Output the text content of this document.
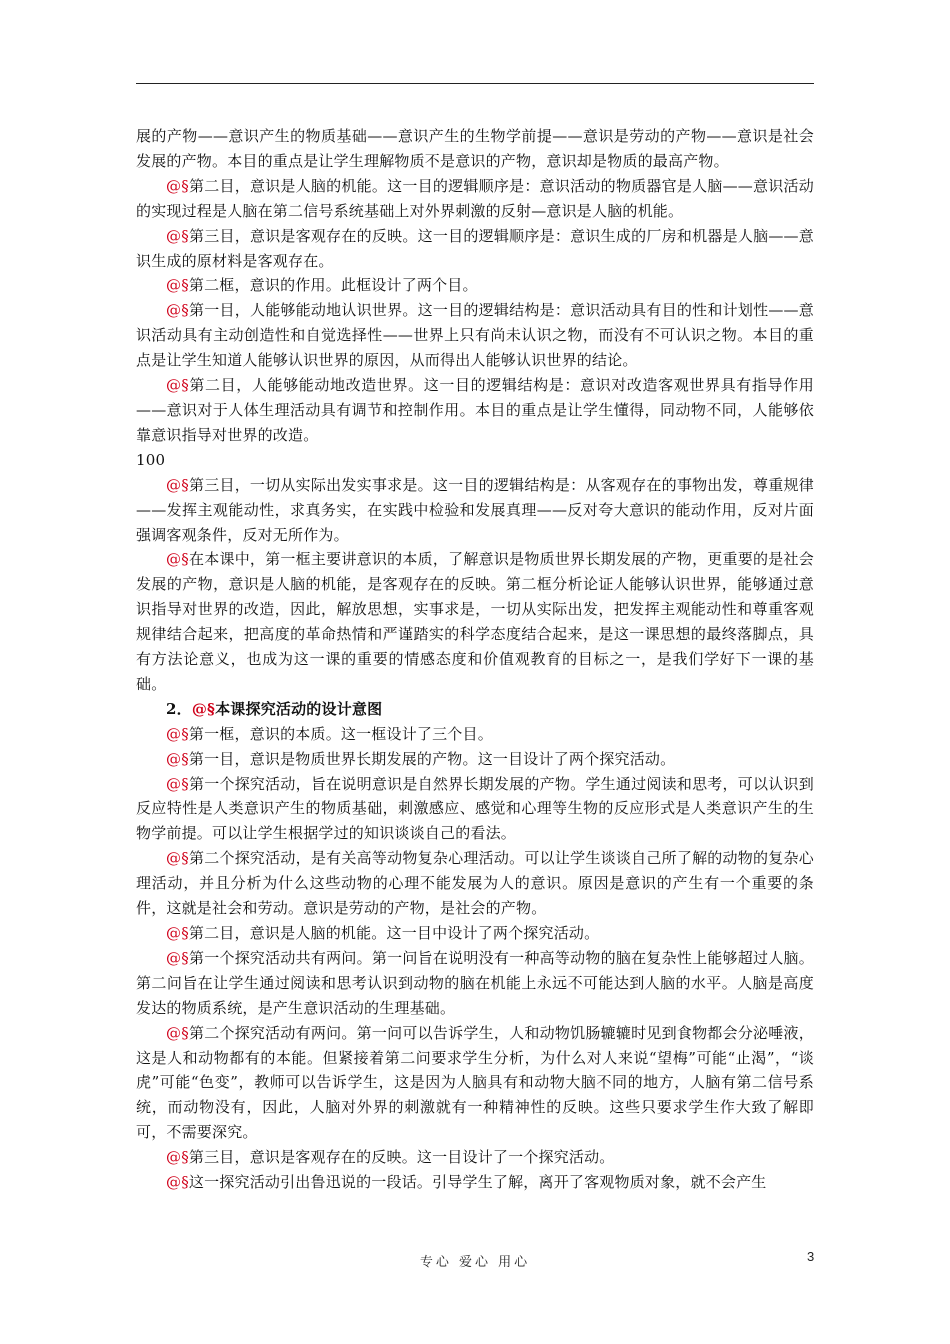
展的产物——意识产生的物质基础——意识产生的生物学前提——意识是劳动的产物——意识是社会发展的产物。本目的重点是让学生理解物质不是意识的产物，意识却是物质的最高产物。

@§第二目，意识是人脑的机能。这一目的逻辑顺序是：意识活动的物质器官是人脑——意识活动的实现过程是人脑在第二信号系统基础上对外界刺激的反射—意识是人脑的机能。

@§第三目，意识是客观存在的反映。这一目的逻辑顺序是：意识生成的厂房和机器是人脑——意识生成的原材料是客观存在。

@§第二框，意识的作用。此框设计了两个目。

@§第一目，人能够能动地认识世界。这一目的逻辑结构是：意识活动具有目的性和计划性——意识活动具有主动创造性和自觉选择性——世界上只有尚未认识之物，而没有不可认识之物。本目的重点是让学生知道人能够认识世界的原因，从而得出人能够认识世界的结论。

@§第二目，人能够能动地改造世界。这一目的逻辑结构是：意识对改造客观世界具有指导作用——意识对于人体生理活动具有调节和控制作用。本目的重点是让学生懂得，同动物不同，人能够依靠意识指导对世界的改造。

100

@§第三目，一切从实际出发实事求是。这一目的逻辑结构是：从客观存在的事物出发，尊重规律——发挥主观能动性，求真务实，在实践中检验和发展真理——反对夸大意识的能动作用，反对片面强调客观条件，反对无所作为。

@§在本课中，第一框主要讲意识的本质，了解意识是物质世界长期发展的产物，更重要的是社会发展的产物，意识是人脑的机能，是客观存在的反映。第二框分析论证人能够认识世界，能够通过意识指导对世界的改造，因此，解放思想，实事求是，一切从实际出发，把发挥主观能动性和尊重客观规律结合起来，把高度的革命热情和严谨踏实的科学态度结合起来，是这一课思想的最终落脚点，具有方法论意义，也成为这一课的重要的情感态度和价值观教育的目标之一，是我们学好下一课的基础。

2．@§本课探究活动的设计意图

@§第一框，意识的本质。这一框设计了三个目。

@§第一目，意识是物质世界长期发展的产物。这一目设计了两个探究活动。

@§第一个探究活动，旨在说明意识是自然界长期发展的产物。学生通过阅读和思考，可以认识到反应特性是人类意识产生的物质基础，刺激感应、感觉和心理等生物的反应形式是人类意识产生的生物学前提。可以让学生根据学过的知识谈谈自己的看法。

@§第二个探究活动，是有关高等动物复杂心理活动。可以让学生谈谈自己所了解的动物的复杂心理活动，并且分析为什么这些动物的心理不能发展为人的意识。原因是意识的产生有一个重要的条件，这就是社会和劳动。意识是劳动的产物，是社会的产物。

@§第二目，意识是人脑的机能。这一目中设计了两个探究活动。

@§第一个探究活动共有两问。第一问旨在说明没有一种高等动物的脑在复杂性上能够超过人脑。第二问旨在让学生通过阅读和思考认识到动物的脑在机能上永远不可能达到人脑的水平。人脑是高度发达的物质系统，是产生意识活动的生理基础。

@§第二个探究活动有两问。第一问可以告诉学生，人和动物饥肠辘辘时见到食物都会分泌唾液，这是人和动物都有的本能。但紧接着第二问要求学生分析，为什么对人来说“望梅”可能“止渴”，“谈虎”可能“色变”，教师可以告诉学生，这是因为人脑具有和动物大脑不同的地方，人脑有第二信号系统，而动物没有，因此，人脑对外界的刺激就有一种精神性的反映。这些只要求学生作大致了解即可，不需要深究。

@§第三目，意识是客观存在的反映。这一目设计了一个探究活动。

@§这一探究活动引出鲁迅说的一段话。引导学生了解，离开了客观物质对象，就不会产生

专心 爱心 用心	3
